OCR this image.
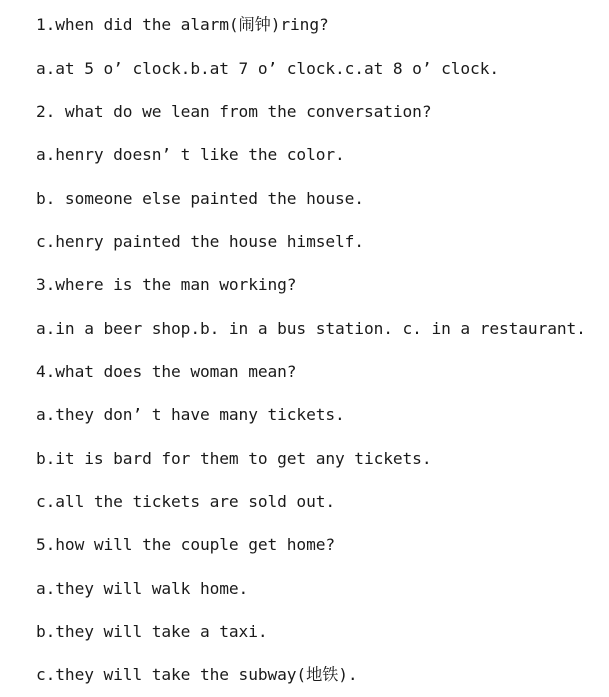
1.when did the alarm(闹钟)ring?
a.at 5 o’ clock.b.at 7 o’ clock.c.at 8 o’ clock.
2. what do we lean from the conversation?
a.henry doesn’ t like the color.
b. someone else painted the house.
c.henry painted the house himself.
3.where is the man working?
a.in a beer shop.b. in a bus station. c. in a restaurant.
4.what does the woman mean?
a.they don’ t have many tickets.
b.it is bard for them to get any tickets.
c.all the tickets are sold out.
5.how will the couple get home?
a.they will walk home.
b.they will take a taxi.
c.they will take the subway(地铁).
